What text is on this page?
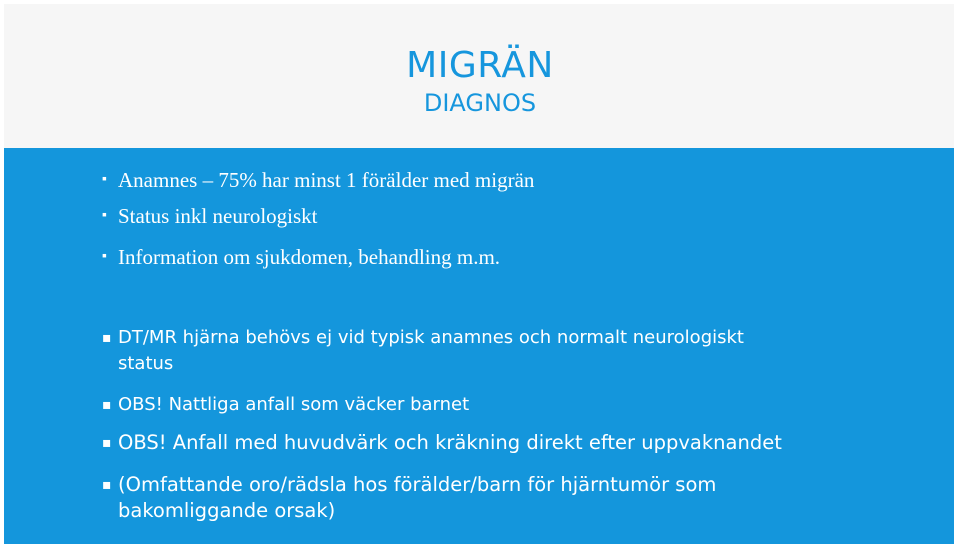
MIGRÄN
DIAGNOS
▪ Anamnes – 75% har minst 1 förälder med migrän
▪ Status inkl neurologiskt
▪ Information om sjukdomen, behandling m.m.
▪ DT/MR hjärna behövs ej vid typisk anamnes och normalt neurologiskt status
▪ OBS! Nattliga anfall som väcker barnet
▪ OBS! Anfall med huvudvärk och kräkning direkt efter uppvaknandet
▪ (Omfattande oro/rädsla hos förälder/barn för hjärntumör som bakomliggande orsak)
